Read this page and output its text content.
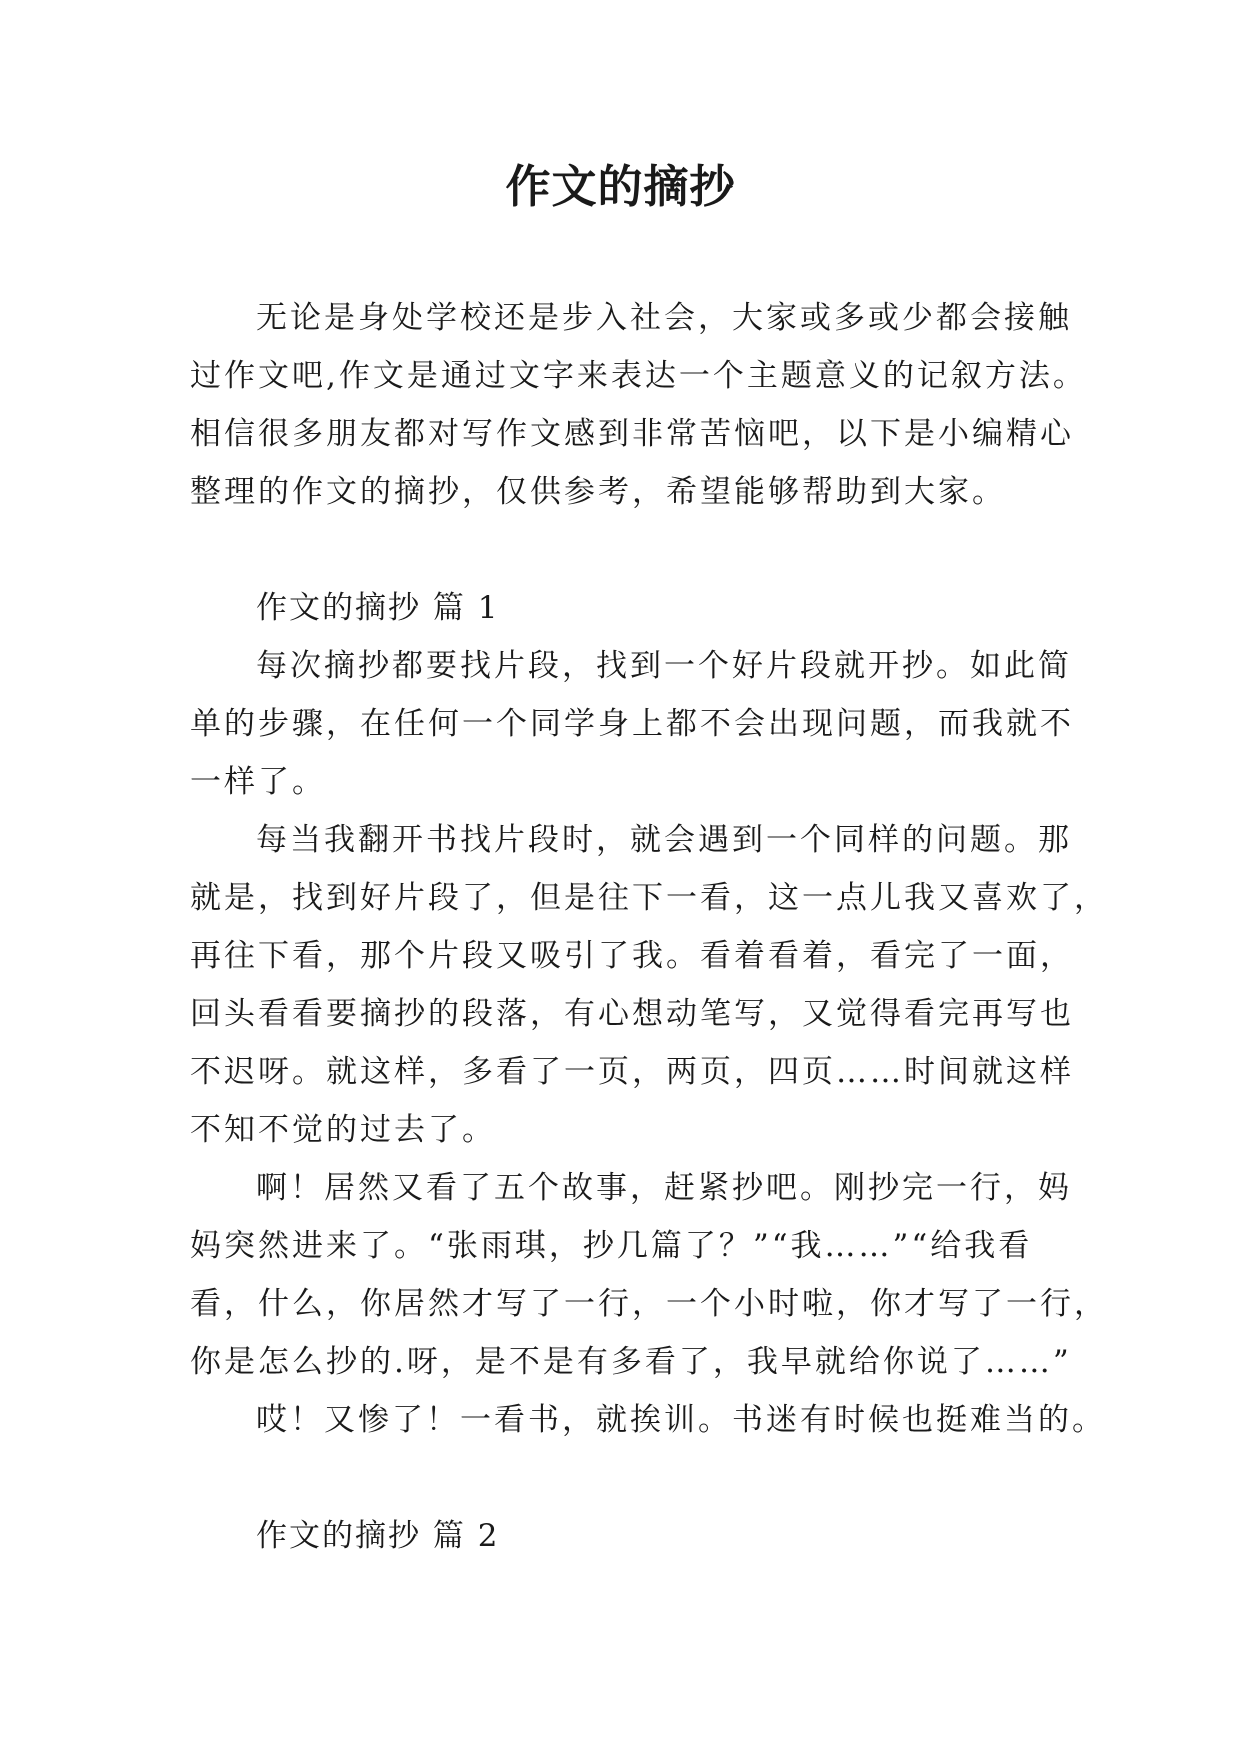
作文的摘抄
无论是身处学校还是步入社会，大家或多或少都会接触
过作文吧,作文是通过文字来表达一个主题意义的记叙方法。
相信很多朋友都对写作文感到非常苦恼吧，以下是小编精心
整理的作文的摘抄，仅供参考，希望能够帮助到大家。
作文的摘抄 篇 1
每次摘抄都要找片段，找到一个好片段就开抄。如此简
单的步骤，在任何一个同学身上都不会出现问题，而我就不
一样了。
每当我翻开书找片段时，就会遇到一个同样的问题。那
就是，找到好片段了，但是往下一看，这一点儿我又喜欢了，
再往下看，那个片段又吸引了我。看着看着，看完了一面，
回头看看要摘抄的段落，有心想动笔写，又觉得看完再写也
不迟呀。就这样，多看了一页，两页，四页……时间就这样
不知不觉的过去了。
啊！居然又看了五个故事，赶紧抄吧。刚抄完一行，妈
妈突然进来了。“张雨琪，抄几篇了？”“我……”“给我看
看，什么，你居然才写了一行，一个小时啦，你才写了一行，
你是怎么抄的.呀，是不是有多看了，我早就给你说了……”
哎！又惨了！一看书，就挨训。书迷有时候也挺难当的。
作文的摘抄 篇 2
